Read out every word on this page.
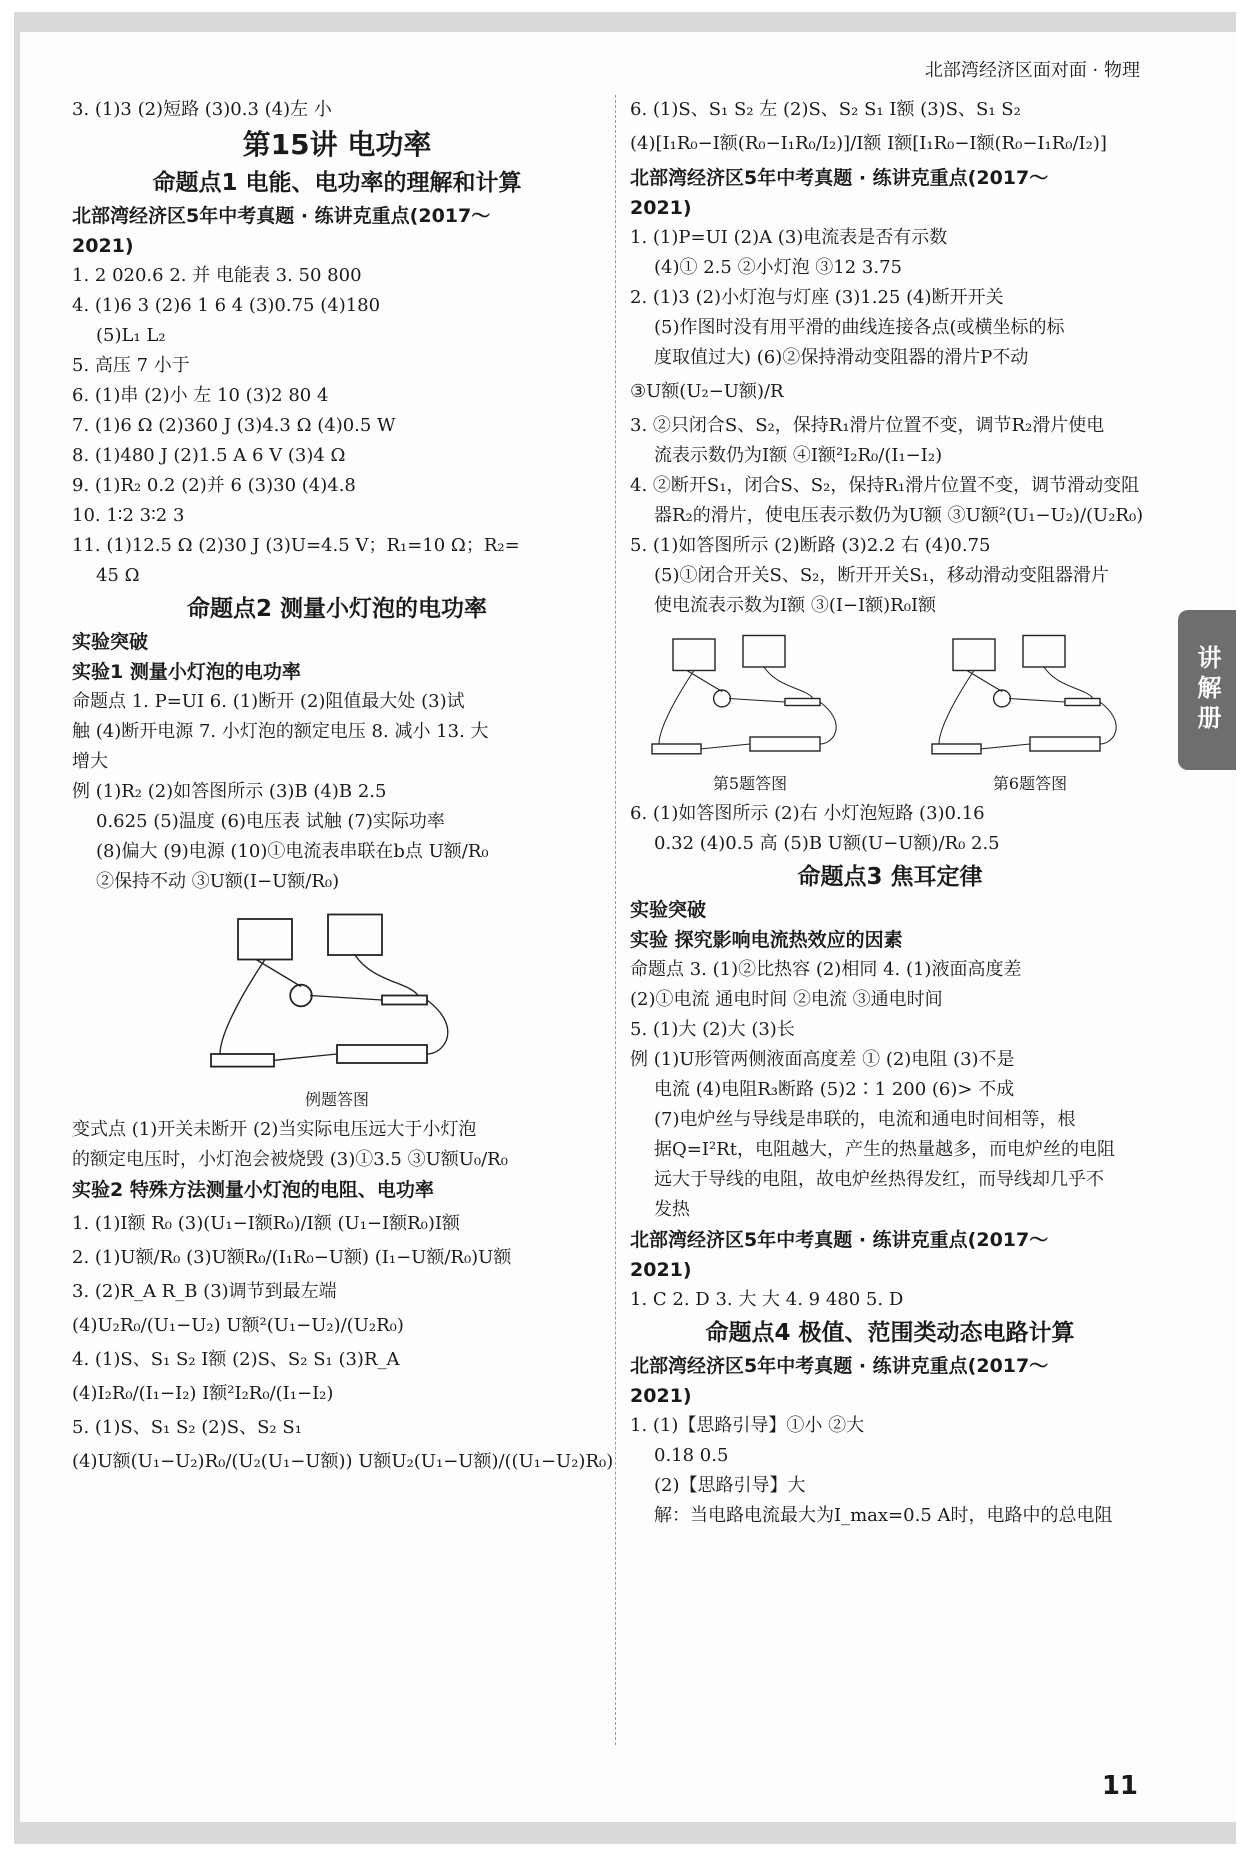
北部湾经济区面对面 · 物理
3. (1)3 (2)短路 (3)0.3 (4)左 小
第15讲 电功率
命题点1 电能、电功率的理解和计算
北部湾经济区5年中考真题 · 练讲克重点(2017～
2021)
1. 2 020.6 2. 并 电能表 3. 50 800
4. (1)6 3 (2)6 1 6 4 (3)0.75 (4)180
(5)L₁ L₂
5. 高压 7 小于
6. (1)串 (2)小 左 10 (3)2 80 4
7. (1)6 Ω (2)360 J (3)4.3 Ω (4)0.5 W
8. (1)480 J (2)1.5 A 6 V (3)4 Ω
9. (1)R₂ 0.2 (2)并 6 (3)30 (4)4.8
10. 1∶2 3∶2 3
11. (1)12.5 Ω (2)30 J (3)U=4.5 V；R₁=10 Ω；R₂=
45 Ω
命题点2 测量小灯泡的电功率
实验突破
实验1 测量小灯泡的电功率
命题点 1. P=UI 6. (1)断开 (2)阻值最大处 (3)试
触 (4)断开电源 7. 小灯泡的额定电压 8. 减小 13. 大
增大
例 (1)R₂ (2)如答图所示 (3)B (4)B 2.5
0.625 (5)温度 (6)电压表 试触 (7)实际功率
(8)偏大 (9)电源 (10)①电流表串联在b点 U额/R₀
②保持不动 ③U额(I−U额/R₀)
例题答图
变式点 (1)开关未断开 (2)当实际电压远大于小灯泡
的额定电压时，小灯泡会被烧毁 (3)①3.5 ③U额U₀/R₀
实验2 特殊方法测量小灯泡的电阻、电功率
1. (1)I额 R₀ (3)(U₁−I额R₀)/I额 (U₁−I额R₀)I额
2. (1)U额/R₀ (3)U额R₀/(I₁R₀−U额) (I₁−U额/R₀)U额
3. (2)R_A R_B (3)调节到最左端
(4)U₂R₀/(U₁−U₂) U额²(U₁−U₂)/(U₂R₀)
4. (1)S、S₁ S₂ I额 (2)S、S₂ S₁ (3)R_A
(4)I₂R₀/(I₁−I₂) I额²I₂R₀/(I₁−I₂)
5. (1)S、S₁ S₂ (2)S、S₂ S₁
(4)U额(U₁−U₂)R₀/(U₂(U₁−U额)) U额U₂(U₁−U额)/((U₁−U₂)R₀)
6. (1)S、S₁ S₂ 左 (2)S、S₂ S₁ I额 (3)S、S₁ S₂
(4)[I₁R₀−I额(R₀−I₁R₀/I₂)]/I额 I额[I₁R₀−I额(R₀−I₁R₀/I₂)]
北部湾经济区5年中考真题 · 练讲克重点(2017～
2021)
1. (1)P=UI (2)A (3)电流表是否有示数
(4)① 2.5 ②小灯泡 ③12 3.75
2. (1)3 (2)小灯泡与灯座 (3)1.25 (4)断开开关
(5)作图时没有用平滑的曲线连接各点(或横坐标的标
度取值过大) (6)②保持滑动变阻器的滑片P不动
③U额(U₂−U额)/R
3. ②只闭合S、S₂，保持R₁滑片位置不变，调节R₂滑片使电
流表示数仍为I额 ④I额²I₂R₀/(I₁−I₂)
4. ②断开S₁，闭合S、S₂，保持R₁滑片位置不变，调节滑动变阻
器R₂的滑片，使电压表示数仍为U额 ③U额²(U₁−U₂)/(U₂R₀)
5. (1)如答图所示 (2)断路 (3)2.2 右 (4)0.75
(5)①闭合开关S、S₂，断开开关S₁，移动滑动变阻器滑片
使电流表示数为I额 ③(I−I额)R₀I额
第5题答图	第6题答图
6. (1)如答图所示 (2)右 小灯泡短路 (3)0.16
0.32 (4)0.5 高 (5)B U额(U−U额)/R₀ 2.5
命题点3 焦耳定律
实验突破
实验 探究影响电流热效应的因素
命题点 3. (1)②比热容 (2)相同 4. (1)液面高度差
(2)①电流 通电时间 ②电流 ③通电时间
5. (1)大 (2)大 (3)长
例 (1)U形管两侧液面高度差 ① (2)电阻 (3)不是
电流 (4)电阻R₃断路 (5)2∶1 200 (6)> 不成
(7)电炉丝与导线是串联的，电流和通电时间相等，根
据Q=I²Rt，电阻越大，产生的热量越多，而电炉丝的电阻
远大于导线的电阻，故电炉丝热得发红，而导线却几乎不
发热
北部湾经济区5年中考真题 · 练讲克重点(2017～
2021)
1. C 2. D 3. 大 大 4. 9 480 5. D
命题点4 极值、范围类动态电路计算
北部湾经济区5年中考真题 · 练讲克重点(2017～
2021)
1. (1)【思路引导】①小 ②大
0.18 0.5
(2)【思路引导】大
解：当电路电流最大为I_max=0.5 A时，电路中的总电阻
讲解册
11
